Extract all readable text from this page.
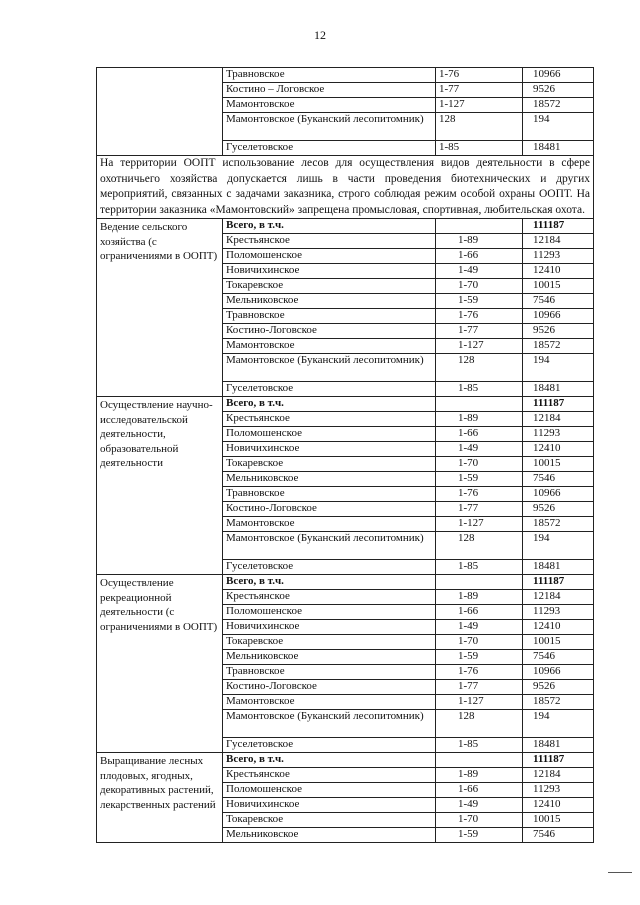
12
	Травновское	1-76	10966
	Костино – Логовское	1-77	9526
	Мамонтовское	1-127	18572
	Мамонтовское (Буканский лесопитомник)	128	194
	Гуселетовское	1-85	18481
На территории ООПТ использование лесов для осуществления видов деятельности в сфере охотничьего хозяйства допускается лишь в части проведения биотехнических и других мероприятий, связанных с задачами заказника, строго соблюдая режим особой охраны ООПТ. На территории заказника «Мамонтовский» запрещена промысловая, спортивная, любительская охота.			
Ведение сельского хозяйства (с ограничениями в ООПТ)	Всего, в т.ч.		111187
	Крестьянское	1-89	12184
	Поломошенское	1-66	11293
	Новичихинское	1-49	12410
	Токаревское	1-70	10015
	Мельниковское	1-59	7546
	Травновское	1-76	10966
	Костино-Логовское	1-77	9526
	Мамонтовское	1-127	18572
	Мамонтовское (Буканский лесопитомник)	128	194
	Гуселетовское	1-85	18481
Осуществление научно-исследовательской деятельности, образовательной деятельности	Всего, в т.ч.		111187
	Крестьянское	1-89	12184
	Поломошенское	1-66	11293
	Новичихинское	1-49	12410
	Токаревское	1-70	10015
	Мельниковское	1-59	7546
	Травновское	1-76	10966
	Костино-Логовское	1-77	9526
	Мамонтовское	1-127	18572
	Мамонтовское (Буканский лесопитомник)	128	194
	Гуселетовское	1-85	18481
Осуществление рекреационной деятельности (с ограничениями в ООПТ)	Всего, в т.ч.		111187
	Крестьянское	1-89	12184
	Поломошенское	1-66	11293
	Новичихинское	1-49	12410
	Токаревское	1-70	10015
	Мельниковское	1-59	7546
	Травновское	1-76	10966
	Костино-Логовское	1-77	9526
	Мамонтовское	1-127	18572
	Мамонтовское (Буканский лесопитомник)	128	194
	Гуселетовское	1-85	18481
Выращивание лесных плодовых, ягодных, декоративных растений, лекарственных растений	Всего, в т.ч.		111187
	Крестьянское	1-89	12184
	Поломошенское	1-66	11293
	Новичихинское	1-49	12410
	Токаревское	1-70	10015
	Мельниковское	1-59	7546
